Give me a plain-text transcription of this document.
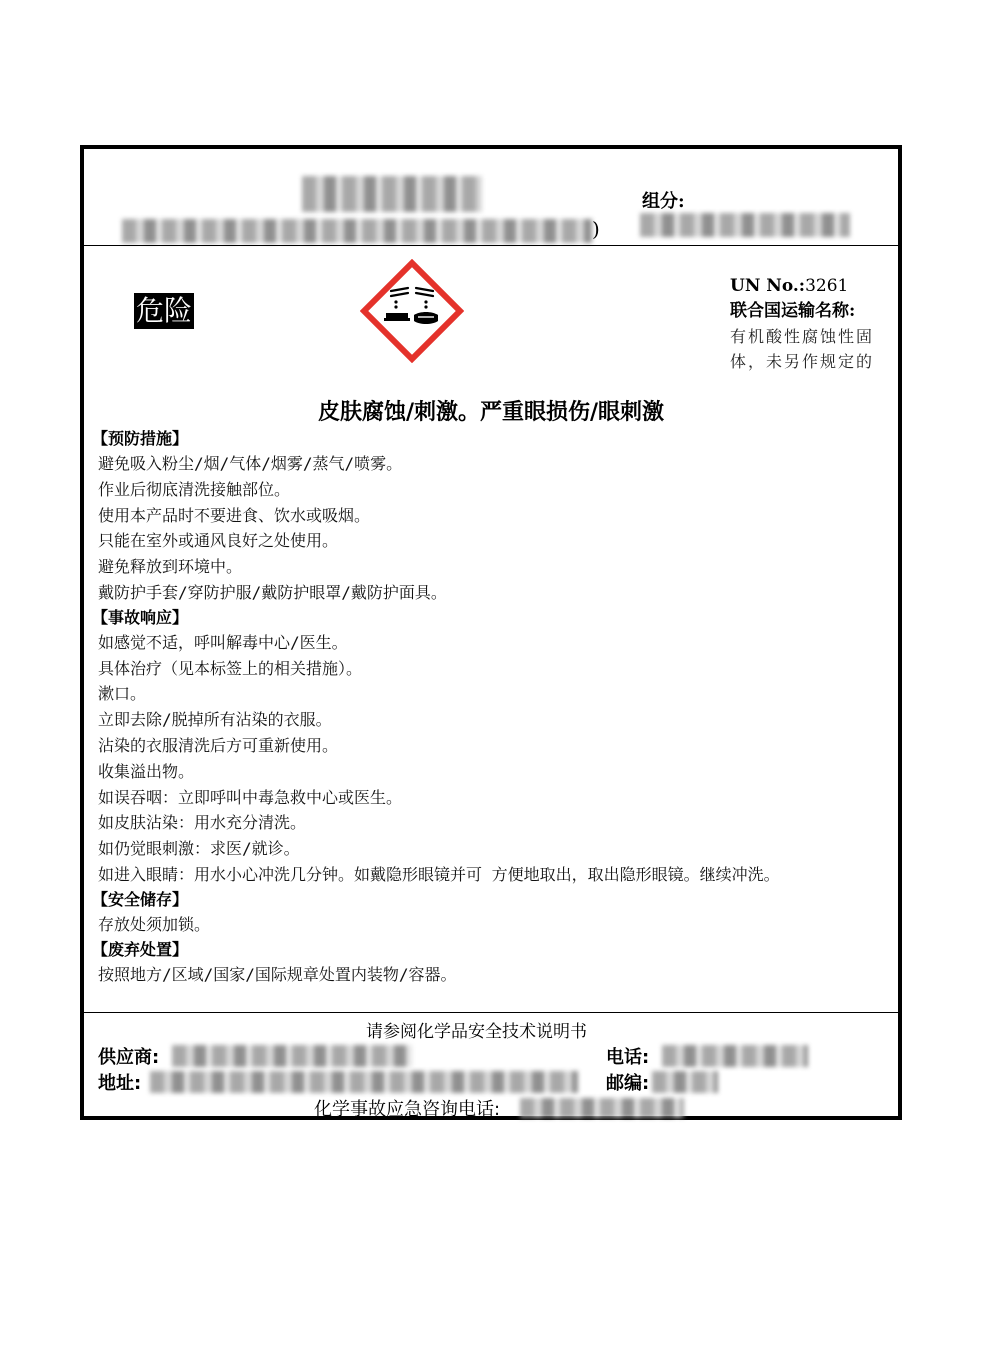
)
组分:
危险
UN No.:3261
联合国运输名称:
有机酸性腐蚀性固体，未另作规定的
皮肤腐蚀/刺激。严重眼损伤/眼刺激
【预防措施】
避免吸入粉尘/烟/气体/烟雾/蒸气/喷雾。
作业后彻底清洗接触部位。
使用本产品时不要进食、饮水或吸烟。
只能在室外或通风良好之处使用。
避免释放到环境中。
戴防护手套/穿防护服/戴防护眼罩/戴防护面具。
【事故响应】
如感觉不适，呼叫解毒中心/医生。
具体治疗（见本标签上的相关措施）。
漱口。
立即去除/脱掉所有沾染的衣服。
沾染的衣服清洗后方可重新使用。
收集溢出物。
如误吞咽：立即呼叫中毒急救中心或医生。
如皮肤沾染：用水充分清洗。
如仍觉眼刺激：求医/就诊。
如进入眼睛：用水小心冲洗几分钟。如戴隐形眼镜并可 方便地取出，取出隐形眼镜。继续冲洗。
【安全储存】
存放处须加锁。
【废弃处置】
按照地方/区域/国家/国际规章处置内装物/容器。
请参阅化学品安全技术说明书
供应商:	电话:
地址:	邮编:
化学事故应急咨询电话:
